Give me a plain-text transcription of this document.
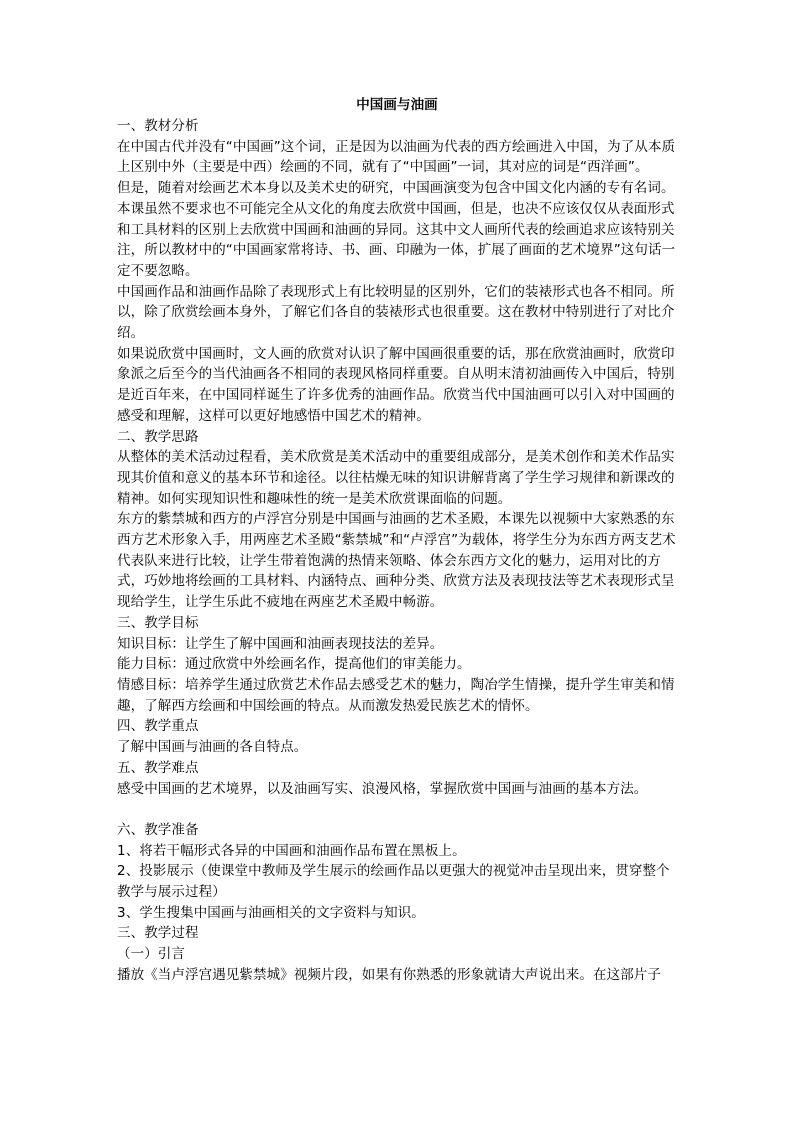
中国画与油画

一、教材分析

在中国古代并没有“中国画”这个词，正是因为以油画为代表的西方绘画进入中国，为了从本质上区别中外（主要是中西）绘画的不同，就有了“中国画”一词，其对应的词是“西洋画”。

但是，随着对绘画艺术本身以及美术史的研究，中国画演变为包含中国文化内涵的专有名词。本课虽然不要求也不可能完全从文化的角度去欣赏中国画，但是，也决不应该仅仅从表面形式和工具材料的区别上去欣赏中国画和油画的异同。这其中文人画所代表的绘画追求应该特别关注，所以教材中的“中国画家常将诗、书、画、印融为一体，扩展了画面的艺术境界”这句话一定不要忽略。

中国画作品和油画作品除了表现形式上有比较明显的区别外，它们的装裱形式也各不相同。所以，除了欣赏绘画本身外，了解它们各自的装裱形式也很重要。这在教材中特别进行了对比介绍。

如果说欣赏中国画时，文人画的欣赏对认识了解中国画很重要的话，那在欣赏油画时，欣赏印象派之后至今的当代油画各不相同的表现风格同样重要。自从明末清初油画传入中国后，特别是近百年来，在中国同样诞生了许多优秀的油画作品。欣赏当代中国油画可以引入对中国画的感受和理解，这样可以更好地感悟中国艺术的精神。

二、教学思路

从整体的美术活动过程看，美术欣赏是美术活动中的重要组成部分，是美术创作和美术作品实现其价值和意义的基本环节和途径。以往枯燥无味的知识讲解背离了学生学习规律和新课改的精神。如何实现知识性和趣味性的统一是美术欣赏课面临的问题。

东方的紫禁城和西方的卢浮宫分别是中国画与油画的艺术圣殿，本课先以视频中大家熟悉的东西方艺术形象入手，用两座艺术圣殿“紫禁城”和“卢浮宫”为载体，将学生分为东西方两支艺术代表队来进行比较，让学生带着饱满的热情来领略、体会东西方文化的魅力，运用对比的方式，巧妙地将绘画的工具材料、内涵特点、画种分类、欣赏方法及表现技法等艺术表现形式呈现给学生，让学生乐此不疲地在两座艺术圣殿中畅游。

三、教学目标

知识目标：让学生了解中国画和油画表现技法的差异。

能力目标：通过欣赏中外绘画名作，提高他们的审美能力。

情感目标：培养学生通过欣赏艺术作品去感受艺术的魅力，陶冶学生情操，提升学生审美和情趣，了解西方绘画和中国绘画的特点。从而激发热爱民族艺术的情怀。

四、教学重点

了解中国画与油画的各自特点。

五、教学难点

感受中国画的艺术境界，以及油画写实、浪漫风格，掌握欣赏中国画与油画的基本方法。

六、教学准备

1、将若干幅形式各异的中国画和油画作品布置在黑板上。

2、投影展示（使课堂中教师及学生展示的绘画作品以更强大的视觉冲击呈现出来，贯穿整个教学与展示过程）

3、学生搜集中国画与油画相关的文字资料与知识。

三、教学过程

（一）引言

播放《当卢浮宫遇见紫禁城》视频片段，如果有你熟悉的形象就请大声说出来。在这部片子
